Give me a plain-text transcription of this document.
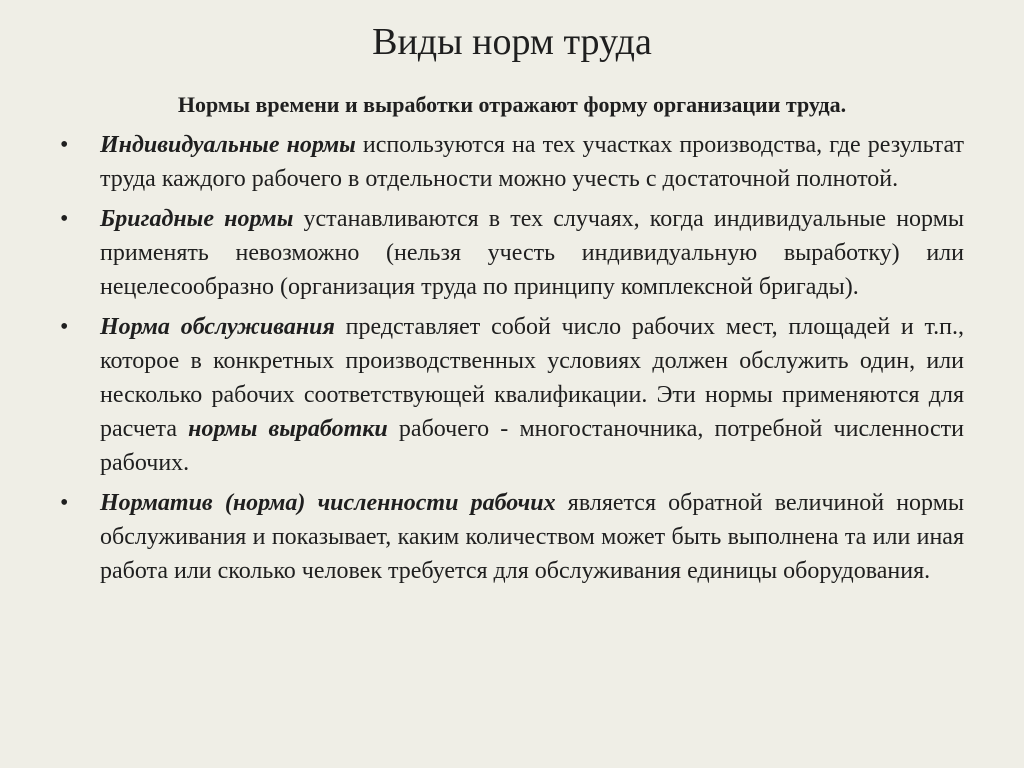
Виды норм труда

Нормы времени и выработки отражают форму организации труда.

• Индивидуальные нормы используются на тех участках производства, где результат труда каждого рабочего в отдельности можно учесть с достаточной полнотой.
• Бригадные нормы устанавливаются в тех случаях, когда индивидуальные нормы применять невозможно (нельзя учесть индивидуальную выработку) или нецелесообразно (организация труда по принципу комплексной бригады).
• Норма обслуживания представляет собой число рабочих мест, площадей и т.п., которое в конкретных производственных условиях должен обслужить один, или несколько рабочих соответствующей квалификации. Эти нормы применяются для расчета нормы выработки рабочего - многостаночника, потребной численности рабочих.
• Норматив (норма) численности рабочих является обратной величиной нормы обслуживания и показывает, каким количеством может быть выполнена та или иная работа или сколько человек требуется для обслуживания единицы оборудования.
